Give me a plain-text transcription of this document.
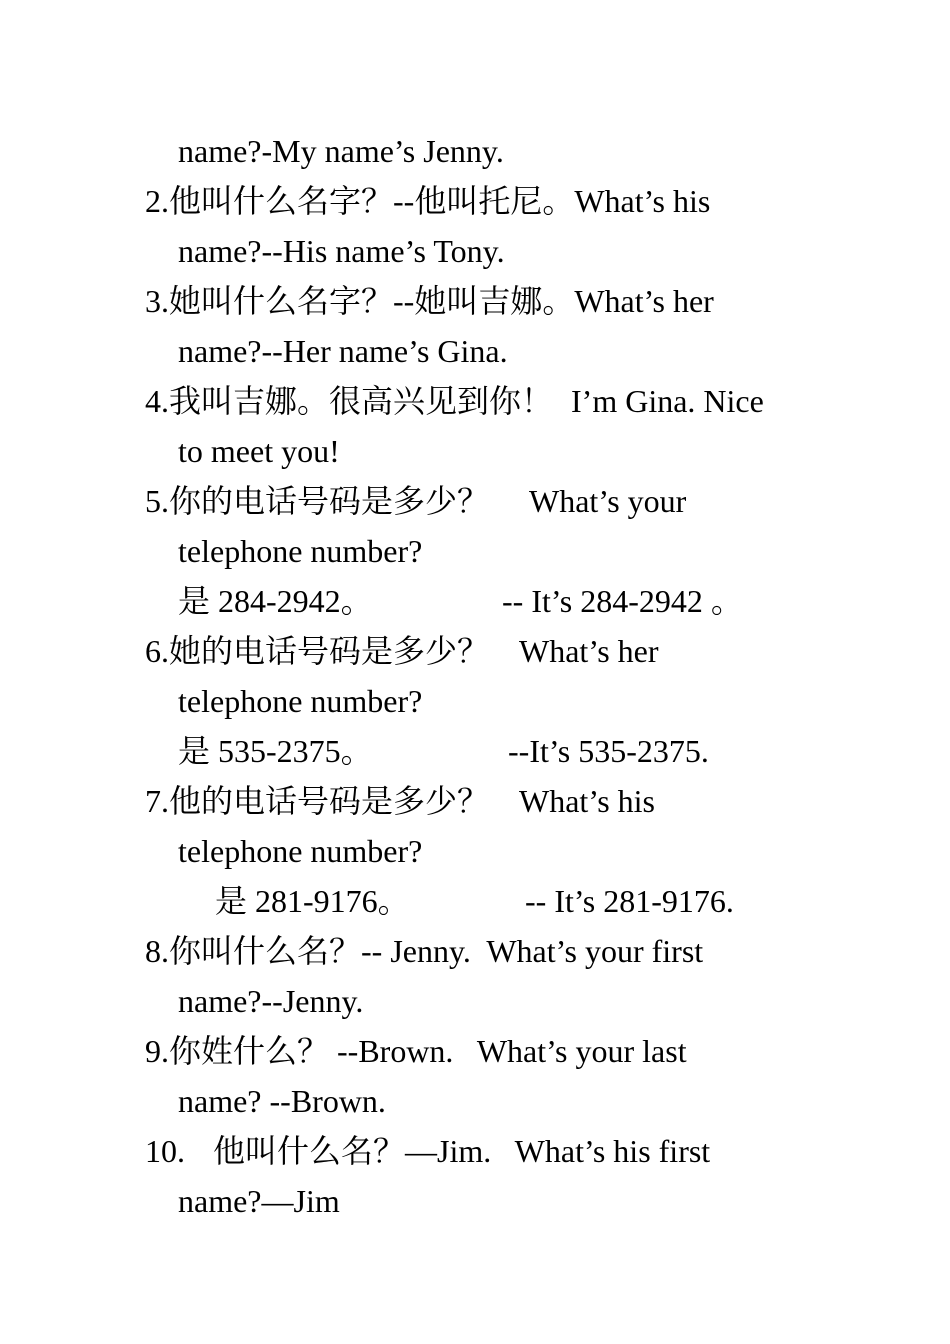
name?-My name’s Jenny.
2.他叫什么名字？--他叫托尼。What’s his
name?--His name’s Tony.
3.她叫什么名字？--她叫吉娜。What’s her
name?--Her name’s Gina.
4.我叫吉娜。很高兴见到你！ I’m Gina. Nice
to meet you!
5.你的电话号码是多少？ What’s your
telephone number?
是 284-2942。	-- It’s 284-2942 。
6.她的电话号码是多少？ What’s her
telephone number?
是 535-2375。	--It’s 535-2375.
7.他的电话号码是多少？ What’s his
telephone number?
是 281-9176。	-- It’s 281-9176.
8.你叫什么名？-- Jenny.  What’s your first
name?--Jenny.
9.你姓什么？ --Brown.   What’s your last
name? --Brown.
10. 他叫什么名？—Jim.   What’s his first
name?—Jim
